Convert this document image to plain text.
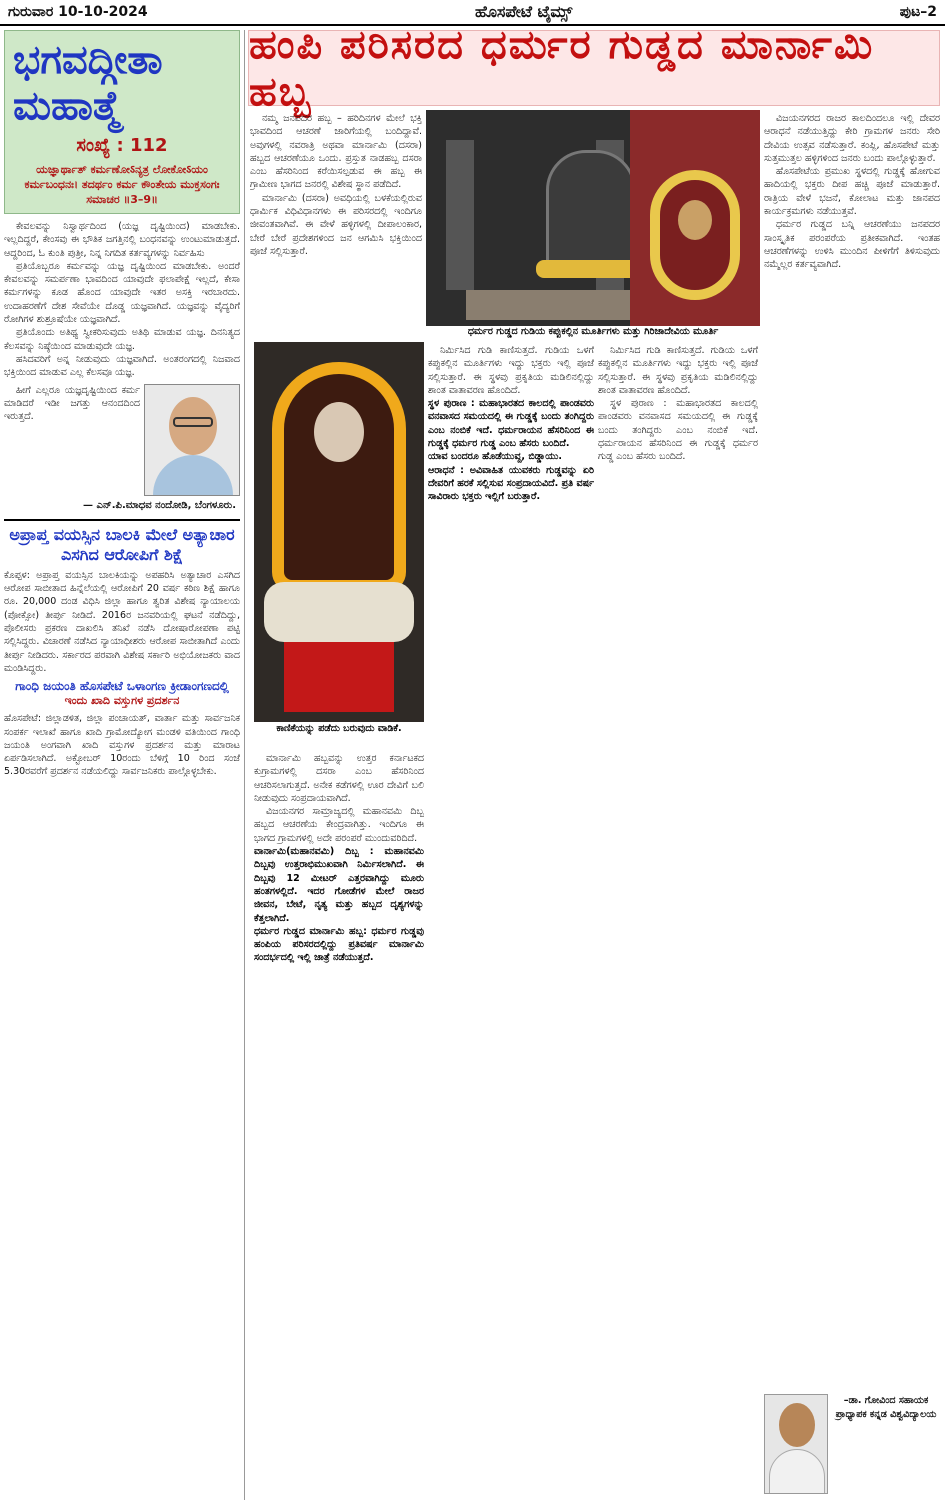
ಗುರುವಾರ 10-10-2024	ಹೊಸಪೇಟೆ ಟೈಮ್ಸ್	ಪುಟ–2
ಭಗವದ್ಗೀತಾ ಮಹಾತ್ಮೆ
ಸಂಖ್ಯೆ : 112
ಯಜ್ಞಾರ್ಥಾತ್ ಕರ್ಮಣೋऽನ್ಯತ್ರ ಲೋಕೋऽಯಂ ಕರ್ಮಬಂಧನಃ। ತದರ್ಥಂ ಕರ್ಮ ಕೌಂತೇಯ ಮುಕ್ತಸಂಗಃ ಸಮಾಚರ ॥3–9॥

ಕೇವಲವನ್ನು ನಿಸ್ವಾರ್ಥದಿಂದ (ಯಜ್ಞ ದೃಷ್ಟಿಯಿಂದ) ಮಾಡಬೇಕು. ಇಲ್ಲದಿದ್ದರೆ, ಕೇಂಸವು ಈ ಭೌತಿಕ ಜಗತ್ತಿನಲ್ಲಿ ಬಂಧನವನ್ನು ಉಂಟುಮಾಡುತ್ತದೆ. ಆದ್ದರಿಂದ, ಓ ಕುಂತಿ ಪುತ್ರೀ, ನಿನ್ನ ನಿಗದಿತ ಕರ್ತವ್ಯಗಳನ್ನು ನಿರ್ವಹಿಸು

ಪ್ರತಿಯೊಬ್ಬರೂ ಕರ್ಮವನ್ನು ಯಜ್ಞ ದೃಷ್ಟಿಯಿಂದ ಮಾಡಬೇಕು. ಅಂದರೆ ಕೇವಲವನ್ನು ಸಮರ್ಪಣಾ ಭಾವದಿಂದ ಯಾವುದೇ ಫಲಾಪೇಕ್ಷೆ ಇಲ್ಲದೆ, ಕೇಸಾ ಕರ್ಮಗಳನ್ನು ಕೂಡ ಹೊಂದ ಯಾವುದೇ ಇತರ ಅಸಕ್ತಿ ಇರಬಾರದು. ಉದಾಹರಣೆಗೆ ದೇಶ ಸೇವೆಯೇ ದೊಡ್ಡ ಯಜ್ಞವಾಗಿದೆ. ಯಜ್ಞವನ್ನು ವೈದ್ಯರಿಗೆ ರೋಗಿಗಳ ಶುಶ್ರೂಷೆಯೇ ಯಜ್ಞವಾಗಿದೆ.

ಪ್ರತಿಯೊಂದು ಅತಿಥ್ಯ ಸ್ವೀಕರಿಸುವುದು ಅತಿಥಿ ಮಾಡುವ ಯಜ್ಞ. ದಿನನಿತ್ಯದ ಕೆಲಸವನ್ನು ನಿಷ್ಠೆಯಿಂದ ಮಾಡುವುದೇ ಯಜ್ಞ.

ಹಸಿದವರಿಗೆ ಅನ್ನ ನೀಡುವುದು ಯಜ್ಞವಾಗಿದೆ. ಅಂತರಂಗದಲ್ಲಿ ನಿಜವಾದ ಭಕ್ತಿಯಿಂದ ಮಾಡುವ ಎಲ್ಲ ಕೆಲಸವೂ ಯಜ್ಞ.

ಹೀಗೆ ಎಲ್ಲರೂ ಯಜ್ಞದೃಷ್ಟಿಯಿಂದ ಕರ್ಮ ಮಾಡಿದರೆ ಇಡೀ ಜಗತ್ತು ಆನಂದದಿಂದ ಇರುತ್ತದೆ.

— ಎನ್.ಪಿ.ಮಾಧವ ನಂದೋಡಿ, ಬೆಂಗಳೂರು.
ಅಪ್ರಾಪ್ತ ವಯಸ್ಸಿನ ಬಾಲಕಿ ಮೇಲೆ ಅತ್ಯಾಚಾರ ಎಸಗಿದ ಆರೋಪಿಗೆ ಶಿಕ್ಷೆ
ಕೊಪ್ಪಳ: ಅಪ್ರಾಪ್ತ ವಯಸ್ಸಿನ ಬಾಲಕಿಯನ್ನು ಅಪಹರಿಸಿ ಅತ್ಯಾಚಾರ ಎಸಗಿದ ಆರೋಪ ಸಾಬೀತಾದ ಹಿನ್ನೆಲೆಯಲ್ಲಿ ಆರೋಪಿಗೆ 20 ವರ್ಷ ಕಠಿಣ ಶಿಕ್ಷೆ ಹಾಗೂ ರೂ. 20,000 ದಂಡ ವಿಧಿಸಿ ಜಿಲ್ಲಾ ಹಾಗೂ ತ್ವರಿತ ವಿಶೇಷ ನ್ಯಾಯಾಲಯ (ಪೋಕ್ಸೋ) ತೀರ್ಪು ನೀಡಿದೆ. 2016ರ ಜನವರಿಯಲ್ಲಿ ಘಟನೆ ನಡೆದಿದ್ದು, ಪೊಲೀಸರು ಪ್ರಕರಣ ದಾಖಲಿಸಿ ತನಿಖೆ ನಡೆಸಿ ದೋಷಾರೋಪಣಾ ಪಟ್ಟಿ ಸಲ್ಲಿಸಿದ್ದರು. ವಿಚಾರಣೆ ನಡೆಸಿದ ನ್ಯಾಯಾಧೀಶರು ಆರೋಪ ಸಾಬೀತಾಗಿದೆ ಎಂದು ತೀರ್ಪು ನೀಡಿದರು. ಸರ್ಕಾರದ ಪರವಾಗಿ ವಿಶೇಷ ಸರ್ಕಾರಿ ಅಭಿಯೋಜಕರು ವಾದ ಮಂಡಿಸಿದ್ದರು.
ಗಾಂಧಿ ಜಯಂತಿ ಹೊಸಪೇಟೆ ಒಳಾಂಗಣ ಕ್ರೀಡಾಂಗಣದಲ್ಲಿ
ಇಂದು ಖಾದಿ ವಸ್ತುಗಳ ಪ್ರದರ್ಶನ
ಹೊಸಪೇಟೆ: ಜಿಲ್ಲಾಡಳಿತ, ಜಿಲ್ಲಾ ಪಂಚಾಯತ್, ವಾರ್ತಾ ಮತ್ತು ಸಾರ್ವಜನಿಕ ಸಂಪರ್ಕ ಇಲಾಖೆ ಹಾಗೂ ಖಾದಿ ಗ್ರಾಮೋದ್ಯೋಗ ಮಂಡಳಿ ವತಿಯಿಂದ ಗಾಂಧಿ ಜಯಂತಿ ಅಂಗವಾಗಿ ಖಾದಿ ವಸ್ತುಗಳ ಪ್ರದರ್ಶನ ಮತ್ತು ಮಾರಾಟ ಏರ್ಪಡಿಸಲಾಗಿದೆ. ಅಕ್ಟೋಬರ್ 10ರಂದು ಬೆಳಿಗ್ಗೆ 10 ರಿಂದ ಸಂಜೆ 5.30ರವರೆಗೆ ಪ್ರದರ್ಶನ ನಡೆಯಲಿದ್ದು ಸಾರ್ವಜನಿಕರು ಪಾಲ್ಗೊಳ್ಳಬೇಕು.
ಹಂಪಿ ಪರಿಸರದ ಧರ್ಮರ ಗುಡ್ಡದ ಮಾರ್ನಾಮಿ ಹಬ್ಬ

ನಮ್ಮ ಜನಪದರ ಹಬ್ಬ – ಹರಿದಿನಗಳ ಮೇಲೆ ಭಕ್ತಿ ಭಾವದಿಂದ ಆಚರಣೆ ಜಾರಿಗೆಯಲ್ಲಿ ಬಂದಿದ್ದಾವೆ. ಅವುಗಳಲ್ಲಿ ನವರಾತ್ರಿ ಅಥವಾ ಮಾರ್ನಾಮಿ (ದಸರಾ) ಹಬ್ಬದ ಆಚರಣೆಯೂ ಒಂದು. ಪ್ರಸ್ತುತ ನಾಡಹಬ್ಬ ದಸರಾ ಎಂಬ ಹೆಸರಿನಿಂದ ಕರೆಯಿಸಲ್ಪಡುವ ಈ ಹಬ್ಬ ಈ ಗ್ರಾಮೀಣ ಭಾಗದ ಜನರಲ್ಲಿ ವಿಶೇಷ ಸ್ಥಾನ ಪಡೆದಿದೆ.

ಮಾರ್ನಾಮಿ (ದಸರಾ) ಅವಧಿಯಲ್ಲಿ ಬಳಕೆಯಲ್ಲಿರುವ ಧಾರ್ಮಿಕ ವಿಧಿವಿಧಾನಗಳು ಈ ಪರಿಸರದಲ್ಲಿ ಇಂದಿಗೂ ಜೀವಂತವಾಗಿವೆ. ಈ ವೇಳೆ ಹಳ್ಳಿಗಳಲ್ಲಿ ದೀಪಾಲಂಕಾರ, ಬೇರೆ ಬೇರೆ ಪ್ರದೇಶಗಳಿಂದ ಜನ ಆಗಮಿಸಿ ಭಕ್ತಿಯಿಂದ ಪೂಜೆ ಸಲ್ಲಿಸುತ್ತಾರೆ.

ಧರ್ಮರ ಗುಡ್ಡದ ಗುಡಿಯ ಕಪ್ಪುಕಲ್ಲಿನ ಮೂರ್ತಿಗಳು ಮತ್ತು ಗಿರಿಜಾದೇವಿಯ ಮೂರ್ತಿ
ಕಾಣಿಕೆಯನ್ನು ಪಡೆದು ಬರುವುದು ವಾಡಿಕೆ.

ಮಾರ್ನಾಮಿ ಹಬ್ಬವನ್ನು ಉತ್ತರ ಕರ್ನಾಟಕದ ಕುಗ್ರಾಮಗಳಲ್ಲಿ ದಸರಾ ಎಂಬ ಹೆಸರಿನಿಂದ ಆಚರಿಸಲಾಗುತ್ತದೆ. ಅನೇಕ ಕಡೆಗಳಲ್ಲಿ ಊರ ದೇವಿಗೆ ಬಲಿ ನೀಡುವುದು ಸಂಪ್ರದಾಯವಾಗಿದೆ.

ವಿಜಯನಗರ ಸಾಮ್ರಾಜ್ಯದಲ್ಲಿ ಮಹಾನವಮಿ ದಿಬ್ಬ ಹಬ್ಬದ ಆಚರಣೆಯ ಕೇಂದ್ರವಾಗಿತ್ತು. ಇಂದಿಗೂ ಈ ಭಾಗದ ಗ್ರಾಮಗಳಲ್ಲಿ ಅದೇ ಪರಂಪರೆ ಮುಂದುವರಿದಿದೆ.

ವಾರ್ನಾಮಿ(ಮಹಾನವಮಿ) ದಿಬ್ಬ : ಮಹಾನವಮಿ ದಿಬ್ಬವು ಉತ್ತರಾಭಿಮುಖವಾಗಿ ನಿರ್ಮಿಸಲಾಗಿದೆ. ಈ ದಿಬ್ಬವು 12 ಮೀಟರ್ ಎತ್ತರವಾಗಿದ್ದು ಮೂರು ಹಂತಗಳಲ್ಲಿದೆ. ಇದರ ಗೋಡೆಗಳ ಮೇಲೆ ರಾಜರ ಜೀವನ, ಬೇಟೆ, ನೃತ್ಯ ಮತ್ತು ಹಬ್ಬದ ದೃಶ್ಯಗಳನ್ನು ಕೆತ್ತಲಾಗಿದೆ.

ಧರ್ಮರ ಗುಡ್ಡದ ಮಾರ್ನಾಮಿ ಹಬ್ಬ: ಧರ್ಮರ ಗುಡ್ಡವು ಹಂಪಿಯ ಪರಿಸರದಲ್ಲಿದ್ದು ಪ್ರತಿವರ್ಷ ಮಾರ್ನಾಮಿ ಸಂದರ್ಭದಲ್ಲಿ ಇಲ್ಲಿ ಜಾತ್ರೆ ನಡೆಯುತ್ತದೆ.

ನಿರ್ಮಿಸಿದ ಗುಡಿ ಕಾಣಿಸುತ್ತದೆ. ಗುಡಿಯ ಒಳಗೆ ಕಪ್ಪುಕಲ್ಲಿನ ಮೂರ್ತಿಗಳು ಇದ್ದು ಭಕ್ತರು ಇಲ್ಲಿ ಪೂಜೆ ಸಲ್ಲಿಸುತ್ತಾರೆ. ಈ ಸ್ಥಳವು ಪ್ರಕೃತಿಯ ಮಡಿಲಿನಲ್ಲಿದ್ದು ಶಾಂತ ವಾತಾವರಣ ಹೊಂದಿದೆ.

ಸ್ಥಳ ಪುರಾಣ : ಮಹಾಭಾರತದ ಕಾಲದಲ್ಲಿ ಪಾಂಡವರು ವನವಾಸದ ಸಮಯದಲ್ಲಿ ಈ ಗುಡ್ಡಕ್ಕೆ ಬಂದು ತಂಗಿದ್ದರು ಎಂಬ ನಂಬಿಕೆ ಇದೆ. ಧರ್ಮರಾಯನ ಹೆಸರಿನಿಂದ ಈ ಗುಡ್ಡಕ್ಕೆ ಧರ್ಮರ ಗುಡ್ಡ ಎಂಬ ಹೆಸರು ಬಂದಿದೆ.

ಯಾವ ಬಂದರೂ ಹೊಡೆಯುವ್ದ, ಬಿಡ್ಡಾಯು.

ಆರಾಧನೆ : ಅವಿವಾಹಿತ ಯುವಕರು ಗುಡ್ಡವನ್ನು ಏರಿ ದೇವರಿಗೆ ಹರಕೆ ಸಲ್ಲಿಸುವ ಸಂಪ್ರದಾಯವಿದೆ. ಪ್ರತಿ ವರ್ಷ ಸಾವಿರಾರು ಭಕ್ತರು ಇಲ್ಲಿಗೆ ಬರುತ್ತಾರೆ.

ನಿರ್ಮಿಸಿದ ಗುಡಿ ಕಾಣಿಸುತ್ತದೆ. ಗುಡಿಯ ಒಳಗೆ ಕಪ್ಪುಕಲ್ಲಿನ ಮೂರ್ತಿಗಳು ಇದ್ದು ಭಕ್ತರು ಇಲ್ಲಿ ಪೂಜೆ ಸಲ್ಲಿಸುತ್ತಾರೆ. ಈ ಸ್ಥಳವು ಪ್ರಕೃತಿಯ ಮಡಿಲಿನಲ್ಲಿದ್ದು ಶಾಂತ ವಾತಾವರಣ ಹೊಂದಿದೆ.

ಸ್ಥಳ ಪುರಾಣ : ಮಹಾಭಾರತದ ಕಾಲದಲ್ಲಿ ಪಾಂಡವರು ವನವಾಸದ ಸಮಯದಲ್ಲಿ ಈ ಗುಡ್ಡಕ್ಕೆ ಬಂದು ತಂಗಿದ್ದರು ಎಂಬ ನಂಬಿಕೆ ಇದೆ. ಧರ್ಮರಾಯನ ಹೆಸರಿನಿಂದ ಈ ಗುಡ್ಡಕ್ಕೆ ಧರ್ಮರ ಗುಡ್ಡ ಎಂಬ ಹೆಸರು ಬಂದಿದೆ.

ವಿಜಯನಗರದ ರಾಜರ ಕಾಲದಿಂದಲೂ ಇಲ್ಲಿ ದೇವರ ಆರಾಧನೆ ನಡೆಯುತ್ತಿದ್ದು ಕೇರಿ ಗ್ರಾಮಗಳ ಜನರು ಸೇರಿ ದೇವಿಯ ಉತ್ಸವ ನಡೆಸುತ್ತಾರೆ. ಕಂಪ್ಲಿ, ಹೊಸಪೇಟೆ ಮತ್ತು ಸುತ್ತಮುತ್ತಲ ಹಳ್ಳಿಗಳಿಂದ ಜನರು ಬಂದು ಪಾಲ್ಗೊಳ್ಳುತ್ತಾರೆ.

ಹೊಸಪೇಟೆಯ ಪ್ರಮುಖ ಸ್ಥಳದಲ್ಲಿ ಗುಡ್ಡಕ್ಕೆ ಹೋಗುವ ಹಾದಿಯಲ್ಲಿ ಭಕ್ತರು ದೀಪ ಹಚ್ಚಿ ಪೂಜೆ ಮಾಡುತ್ತಾರೆ. ರಾತ್ರಿಯ ವೇಳೆ ಭಜನೆ, ಕೋಲಾಟ ಮತ್ತು ಜಾನಪದ ಕಾರ್ಯಕ್ರಮಗಳು ನಡೆಯುತ್ತವೆ.

ಧರ್ಮರ ಗುಡ್ಡದ ಬನ್ನಿ ಆಚರಣೆಯು ಜನಪದರ ಸಾಂಸ್ಕೃತಿಕ ಪರಂಪರೆಯ ಪ್ರತೀಕವಾಗಿದೆ. ಇಂತಹ ಆಚರಣೆಗಳನ್ನು ಉಳಿಸಿ ಮುಂದಿನ ಪೀಳಿಗೆಗೆ ತಿಳಿಸುವುದು ನಮ್ಮೆಲ್ಲರ ಕರ್ತವ್ಯವಾಗಿದೆ.

–ಡಾ. ಗೋವಿಂದ ಸಹಾಯಕ ಪ್ರಾಧ್ಯಾಪಕ ಕನ್ನಡ ವಿಶ್ವವಿದ್ಯಾಲಯ
